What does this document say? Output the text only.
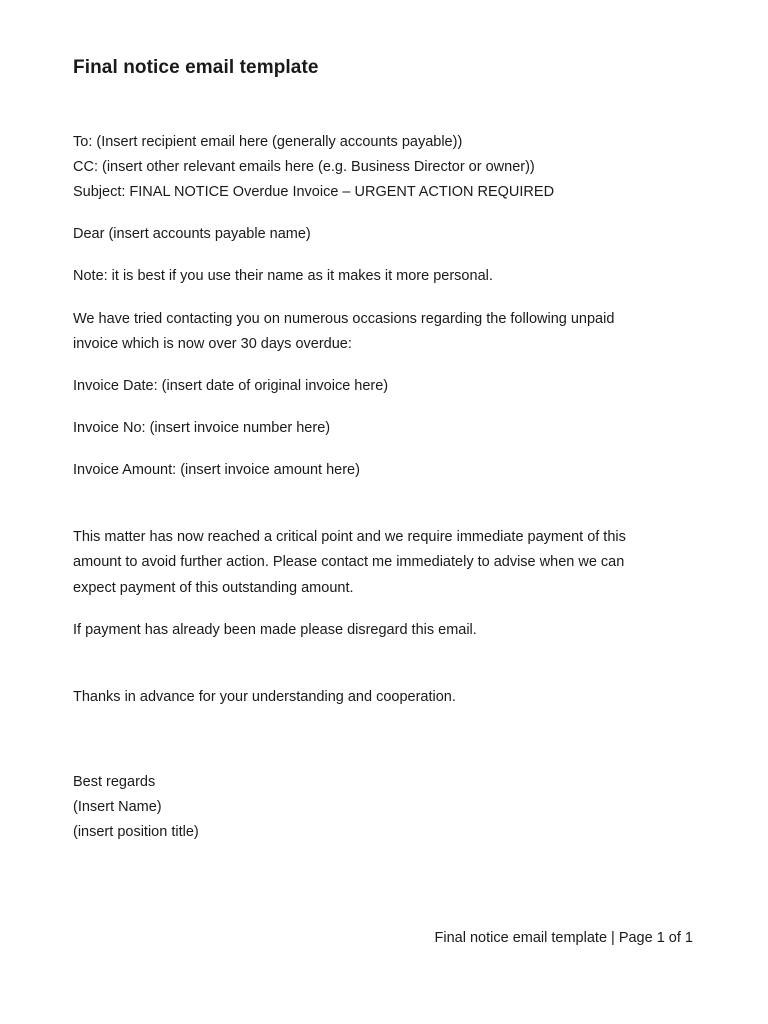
Final notice email template

To: (Insert recipient email here (generally accounts payable))

CC: (insert other relevant emails here (e.g. Business Director or owner))

Subject: FINAL NOTICE Overdue Invoice – URGENT ACTION REQUIRED

Dear (insert accounts payable name)

Note: it is best if you use their name as it makes it more personal.

We have tried contacting you on numerous occasions regarding the following unpaid

invoice which is now over 30 days overdue:

Invoice Date: (insert date of original invoice here)

Invoice No: (insert invoice number here)

Invoice Amount: (insert invoice amount here)

This matter has now reached a critical point and we require immediate payment of this

amount to avoid further action. Please contact me immediately to advise when we can

expect payment of this outstanding amount.

If payment has already been made please disregard this email.

Thanks in advance for your understanding and cooperation.

Best regards

(Insert Name)

(insert position title)

Final notice email template | Page 1 of 1
